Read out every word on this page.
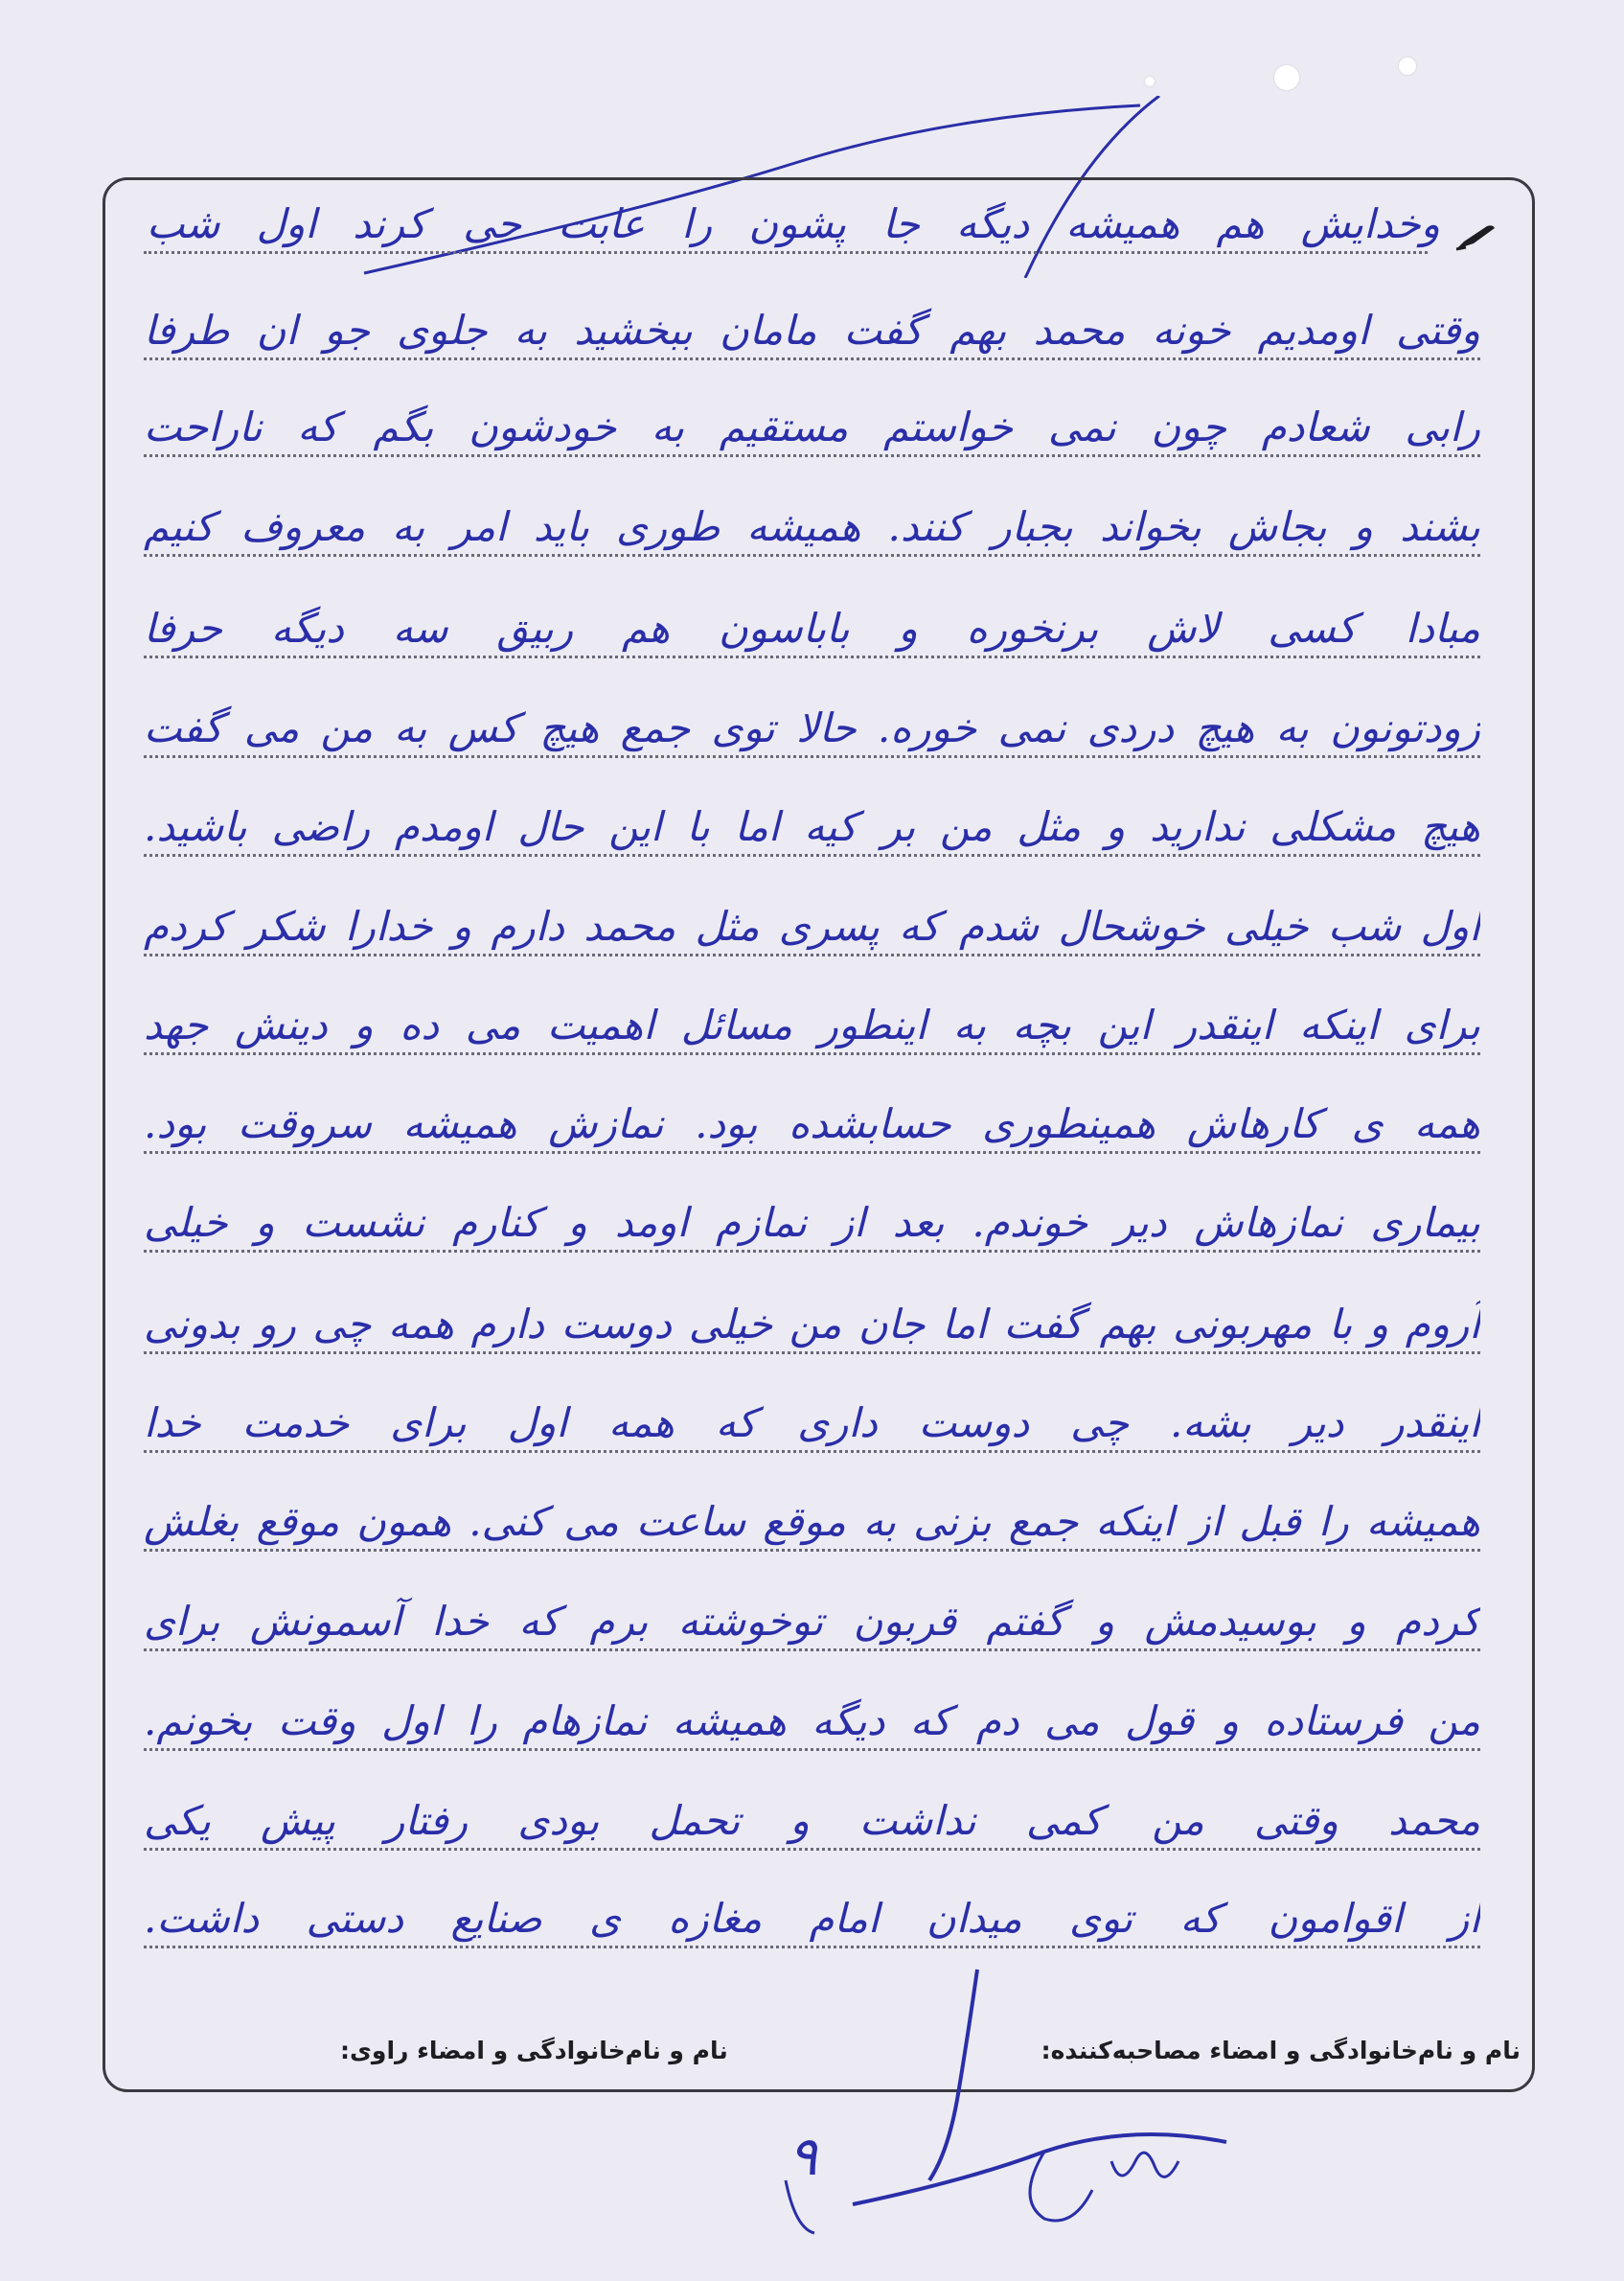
وخدایش هم همیشه دیگه جا پشون را عابت حی کرند اول شب
وقتی اومدیم خونه محمد بهم گفت مامان ببخشید به جلوی جو ان طرفا
رابی شعادم چون نمی خواستم مستقیم به خودشون بگم که ناراحت
بشند و بجاش بخواند بجبار کنند. همیشه طوری باید امر به معروف کنیم
مبادا کسی لاش برنخوره و باباسون هم ربیق سه دیگه حرفا
زودتونون به هیچ دردی نمی خوره. حالا توی جمع هیچ کس به من می گفت
هیچ مشکلی ندارید و مثل من بر کیه اما با این حال اومدم راضی باشید.
اول شب خیلی خوشحال شدم که پسری مثل محمد دارم و خدارا شکر کردم
برای اینکه اینقدر این بچه به اینطور مسائل اهمیت می ده و دینش جهد
همه ی کارهاش همینطوری حسابشده بود. نمازش همیشه سروقت بود.
بیماری نمازهاش دیر خوندم. بعد از نمازم اومد و کنارم نشست و خیلی
آروم و با مهربونی بهم گفت اما جان من خیلی دوست دارم همه چی رو بدونی
اینقدر دیر بشه. چی دوست داری که همه اول برای خدمت خدا
همیشه را قبل از اینکه جمع بزنی به موقع ساعت می کنی. همون موقع بغلش
کردم و بوسیدمش و گفتم قربون توخوشته برم که خدا آسمونش برای
من فرستاده و قول می دم که دیگه همیشه نمازهام را اول وقت بخونم.
محمد وقتی من کمی نداشت و تحمل بودی رفتار پیش یکی
از اقوامون که توی میدان امام مغازه ی صنایع دستی داشت.
نام و نام‌خانوادگی و امضاء مصاحبه‌کننده:
نام و نام‌خانوادگی و امضاء راوی:
۹
